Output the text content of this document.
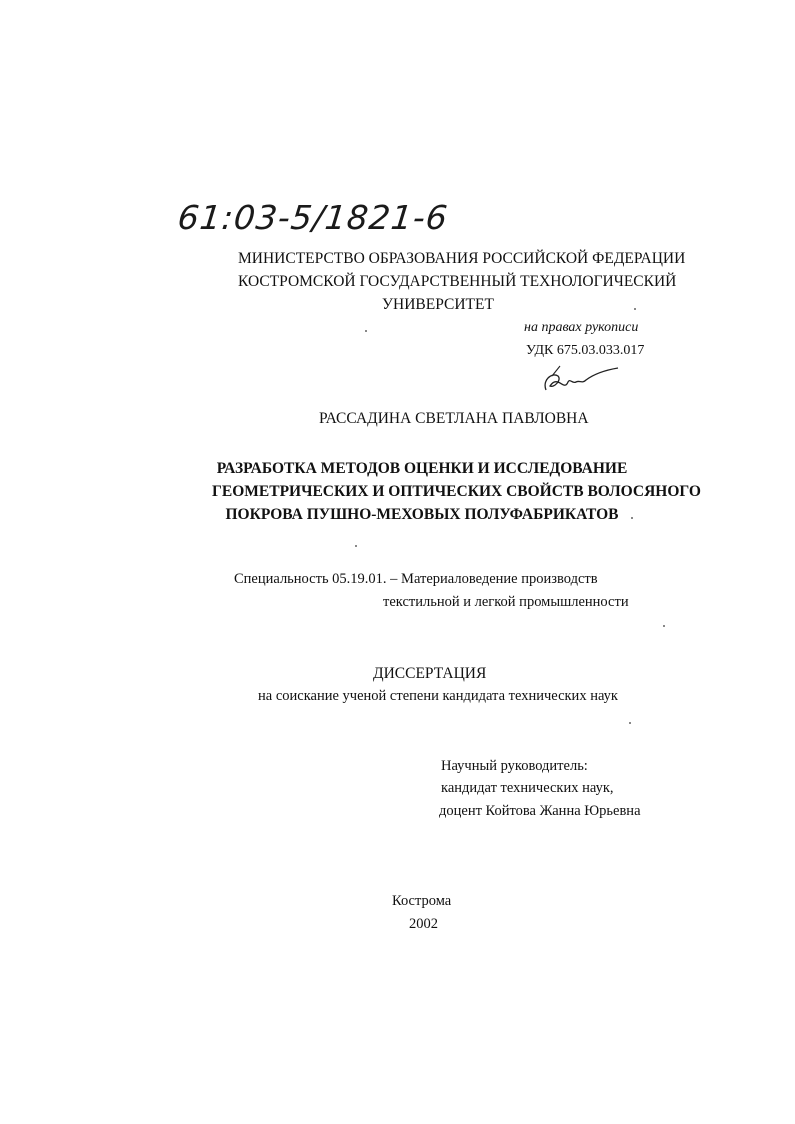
61:03-5/1821-6
МИНИСТЕРСТВО ОБРАЗОВАНИЯ РОССИЙСКОЙ ФЕДЕРАЦИИ
КОСТРОМСКОЙ ГОСУДАРСТВЕННЫЙ ТЕХНОЛОГИЧЕСКИЙ
УНИВЕРСИТЕТ
на правах рукописи
УДК 675.03.033.017
РАССАДИНА СВЕТЛАНА ПАВЛОВНА
РАЗРАБОТКА МЕТОДОВ ОЦЕНКИ И ИССЛЕДОВАНИЕ
ГЕОМЕТРИЧЕСКИХ И ОПТИЧЕСКИХ СВОЙСТВ ВОЛОСЯНОГО
ПОКРОВА ПУШНО-МЕХОВЫХ ПОЛУФАБРИКАТОВ
Специальность 05.19.01. – Материаловедение производств
текстильной и легкой промышленности
ДИССЕРТАЦИЯ
на соискание ученой степени кандидата технических наук
Научный руководитель:
кандидат технических наук,
доцент Койтова Жанна Юрьевна
Кострома
2002
